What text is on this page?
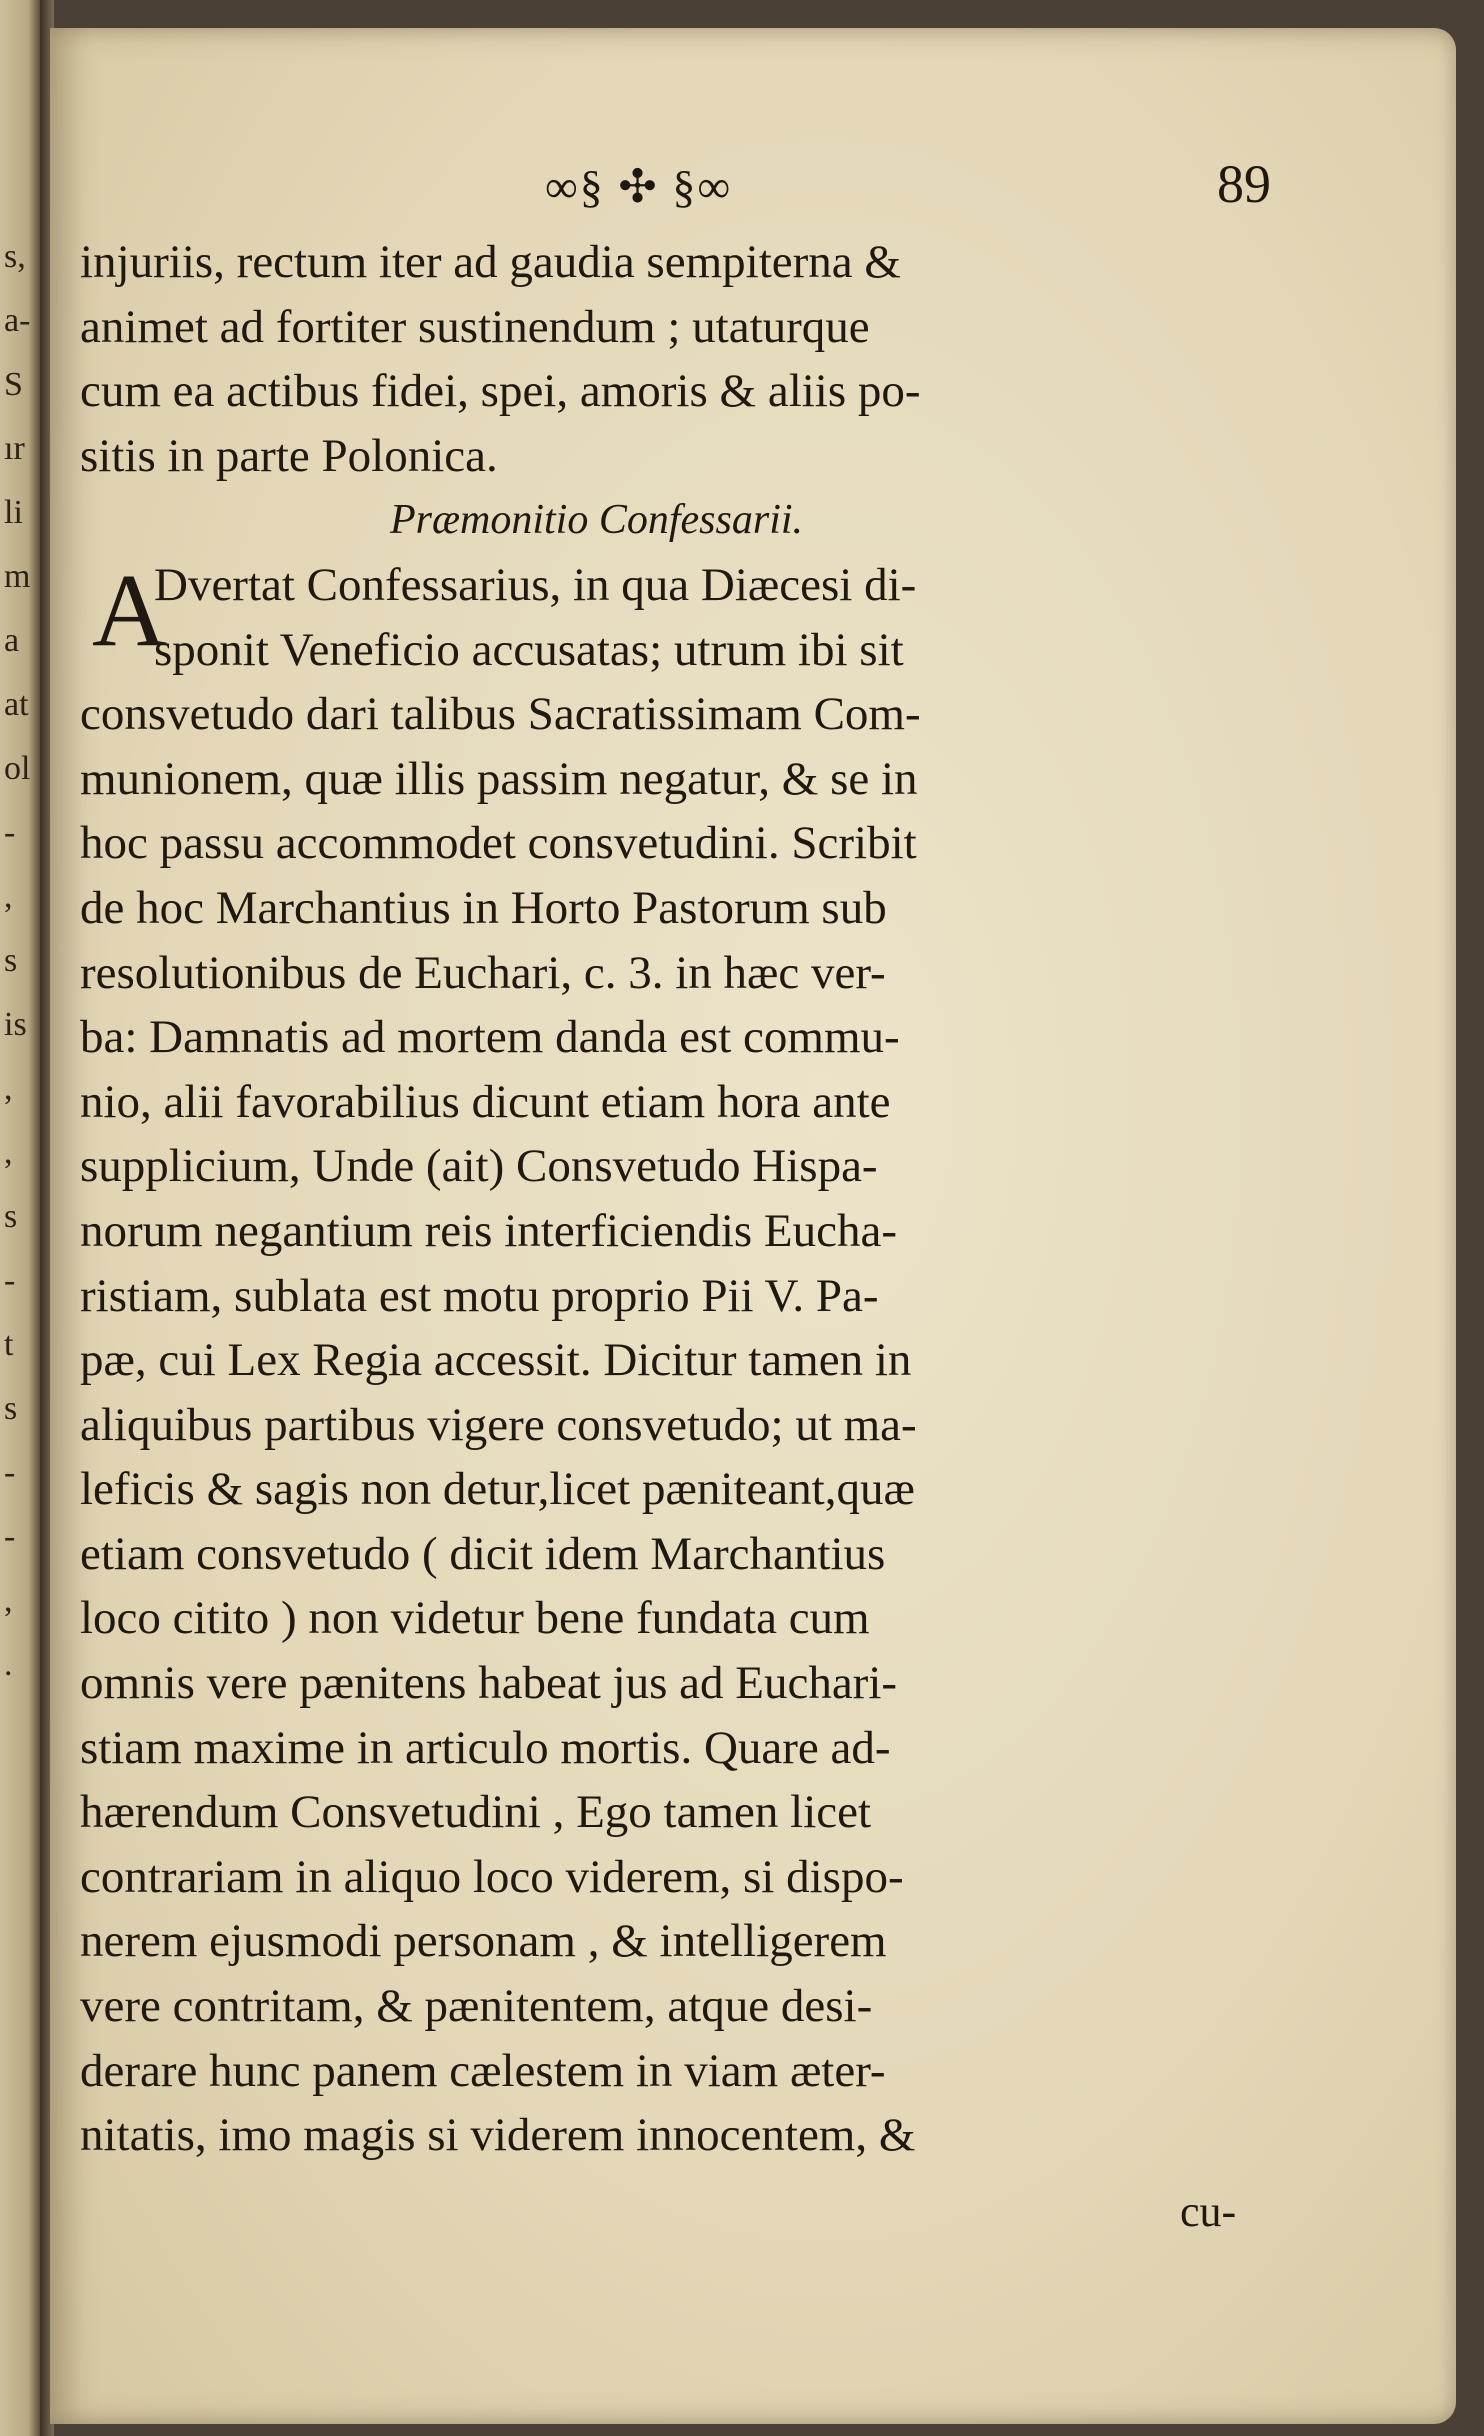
s,
a-
S
ır
li
m
a
at
ol
-
,
s
is
,
,
s
-
t
s
-
-
,
.
∞§ ✣ §∞	89
injuriis, rectum iter ad gaudia sempiterna &
animet ad fortiter sustinendum ; utaturque
cum ea actibus fidei, spei, amoris & aliis po-
sitis in parte Polonica.
Præmonitio Confessarii.
A
Dvertat Confessarius, in qua Diæcesi di-
sponit Veneficio accusatas; utrum ibi sit
consvetudo dari talibus Sacratissimam Com-
munionem, quæ illis passim negatur, & se in
hoc passu accommodet consvetudini. Scribit
de hoc Marchantius in Horto Pastorum sub
resolutionibus de Euchari, c. 3. in hæc ver-
ba: Damnatis ad mortem danda est commu-
nio, alii favorabilius dicunt etiam hora ante
supplicium, Unde (ait) Consvetudo Hispa-
norum negantium reis interficiendis Eucha-
ristiam, sublata est motu proprio Pii V. Pa-
pæ, cui Lex Regia accessit. Dicitur tamen in
aliquibus partibus vigere consvetudo; ut ma-
leficis & sagis non detur,licet pæniteant,quæ
etiam consvetudo ( dicit idem Marchantius
loco citito ) non videtur bene fundata cum
omnis vere pænitens habeat jus ad Euchari-
stiam maxime in articulo mortis. Quare ad-
hærendum Consvetudini , Ego tamen licet
contrariam in aliquo loco viderem, si dispo-
nerem ejusmodi personam , & intelligerem
vere contritam, & pænitentem, atque desi-
derare hunc panem cælestem in viam æter-
nitatis, imo magis si viderem innocentem, &
cu-
